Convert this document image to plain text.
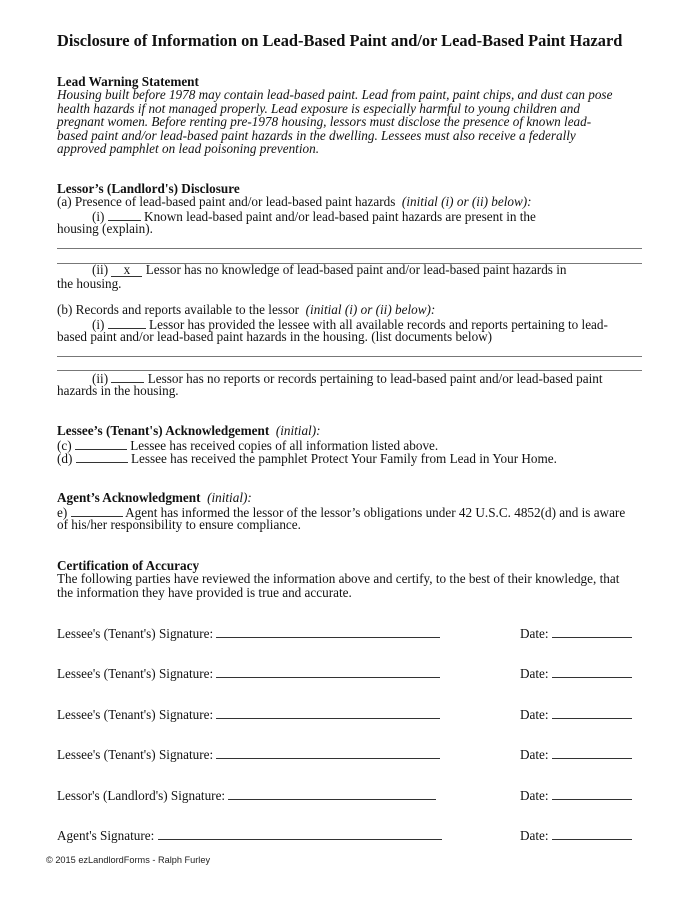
Disclosure of Information on Lead-Based Paint and/or Lead-Based Paint Hazard
Lead Warning Statement
Housing built before 1978 may contain lead-based paint. Lead from paint, paint chips, and dust can pose
health hazards if not managed properly. Lead exposure is especially harmful to young children and
pregnant women. Before renting pre-1978 housing, lessors must disclose the presence of known lead-
based paint and/or lead-based paint hazards in the dwelling. Lessees must also receive a federally
approved pamphlet on lead poisoning prevention.
Lessor’s (Landlord's) Disclosure
(a) Presence of lead-based paint and/or lead-based paint hazards (initial (i) or (ii) below):
(i)	Known lead-based paint and/or lead-based paint hazards are present in the
housing (explain).
(ii) x Lessor has no knowledge of lead-based paint and/or lead-based paint hazards in
the housing.
(b) Records and reports available to the lessor (initial (i) or (ii) below):
(i)	Lessor has provided the lessee with all available records and reports pertaining to lead-
based paint and/or lead-based paint hazards in the housing. (list documents below)
(ii)	Lessor has no reports or records pertaining to lead-based paint and/or lead-based paint
hazards in the housing.
Lessee’s (Tenant's) Acknowledgement (initial):
(c)	Lessee has received copies of all information listed above.
(d)	Lessee has received the pamphlet Protect Your Family from Lead in Your Home.
Agent’s Acknowledgment (initial):
e)	Agent has informed the lessor of the lessor’s obligations under 42 U.S.C. 4852(d) and is aware
of his/her responsibility to ensure compliance.
Certification of Accuracy
The following parties have reviewed the information above and certify, to the best of their knowledge, that
the information they have provided is true and accurate.
Lessee's (Tenant's) Signature:	Date:
Lessee's (Tenant's) Signature:	Date:
Lessee's (Tenant's) Signature:	Date:
Lessee's (Tenant's) Signature:	Date:
Lessor's (Landlord's) Signature:	Date:
Agent's Signature:	Date:
© 2015 ezLandlordForms - Ralph Furley
